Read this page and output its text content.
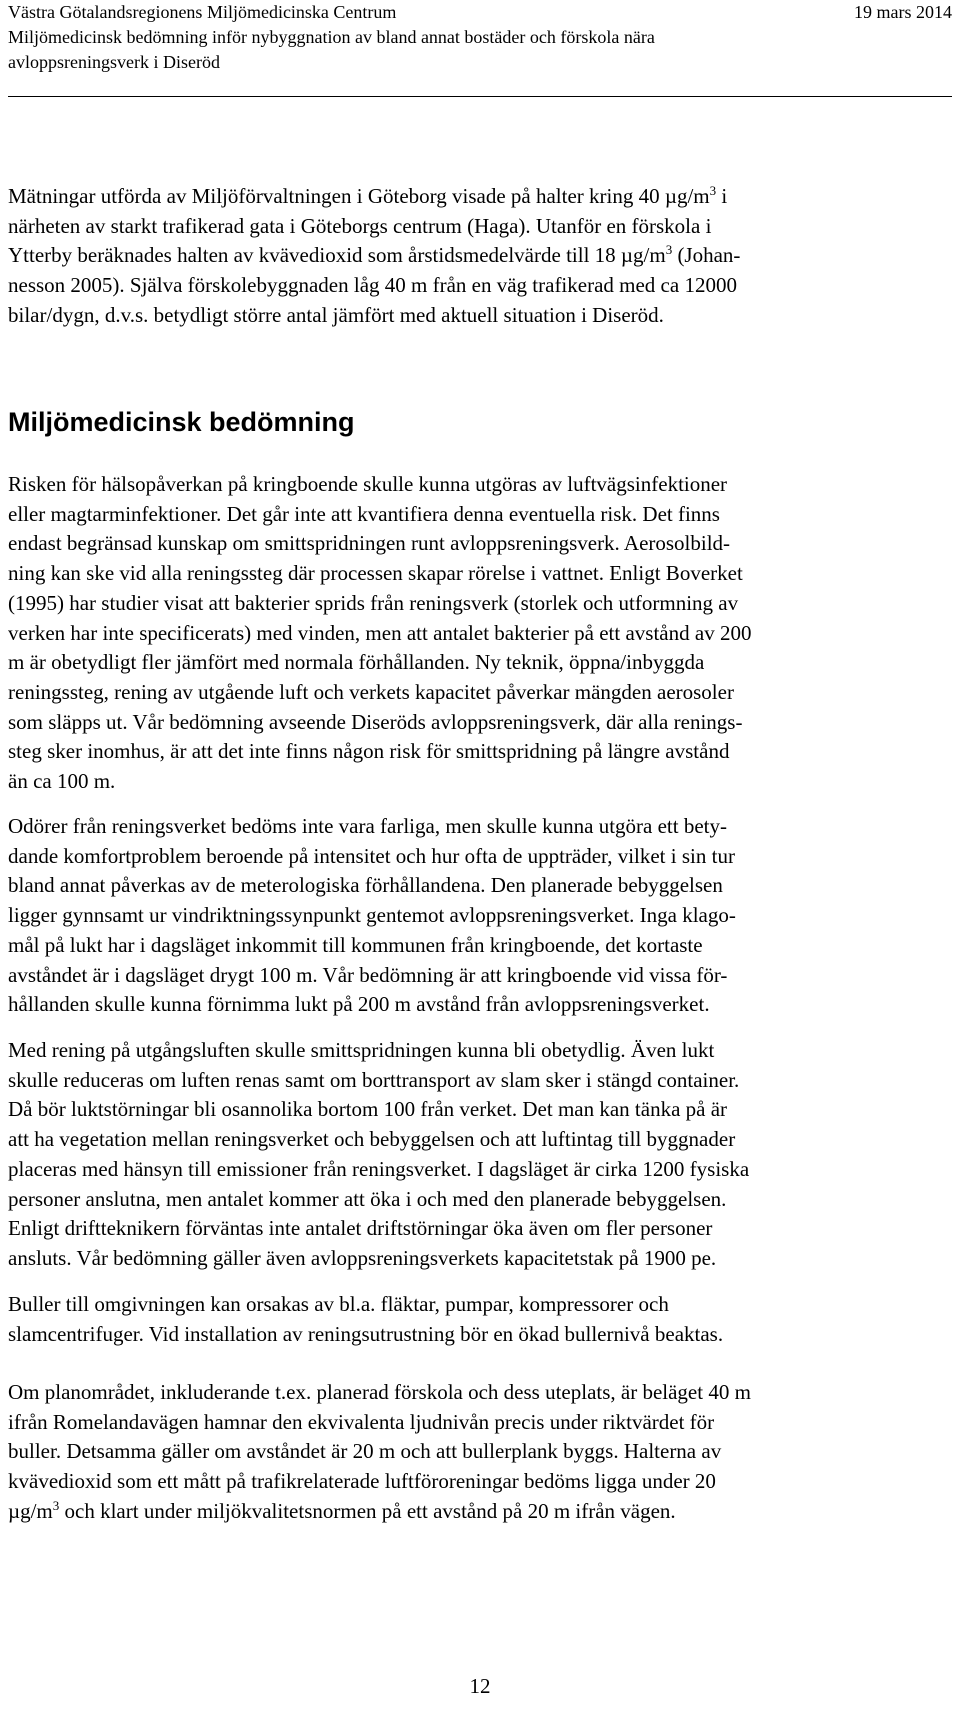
Västra Götalandsregionens Miljömedicinska Centrum	19 mars 2014
Miljömedicinsk bedömning inför nybyggnation av bland annat bostäder och förskola nära
avloppsreningsverk i Diseröd

Mätningar utförda av Miljöförvaltningen i Göteborg visade på halter kring 40 $\mu g/m^3$ i
närheten av starkt trafikerad gata i Göteborgs centrum (Haga). Utanför en förskola i
Ytterby beräknades halten av kvävedioxid som årstidsmedelvärde till 18 $\mu g/m^3$ (Johan-
nesson 2005). Själva förskolebyggnaden låg 40 m från en väg trafikerad med ca 12000
bilar/dygn, d.v.s. betydligt större antal jämfört med aktuell situation i Diseröd.

Miljömedicinsk bedömning

Risken för hälsopåverkan på kringboende skulle kunna utgöras av luftvägsinfektioner
eller magtarminfektioner. Det går inte att kvantifiera denna eventuella risk. Det finns
endast begränsad kunskap om smittspridningen runt avloppsreningsverk. Aerosolbild-
ning kan ske vid alla reningssteg där processen skapar rörelse i vattnet. Enligt Boverket
(1995) har studier visat att bakterier sprids från reningsverk (storlek och utformning av
verken har inte specificerats) med vinden, men att antalet bakterier på ett avstånd av 200
m är obetydligt fler jämfört med normala förhållanden. Ny teknik, öppna/inbyggda
reningssteg, rening av utgående luft och verkets kapacitet påverkar mängden aerosoler
som släpps ut. Vår bedömning avseende Diseröds avloppsreningsverk, där alla renings-
steg sker inomhus, är att det inte finns någon risk för smittspridning på längre avstånd
än ca 100 m.

Odörer från reningsverket bedöms inte vara farliga, men skulle kunna utgöra ett bety-
dande komfortproblem beroende på intensitet och hur ofta de uppträder, vilket i sin tur
bland annat påverkas av de meterologiska förhållandena. Den planerade bebyggelsen
ligger gynnsamt ur vindriktningssynpunkt gentemot avloppsreningsverket. Inga klago-
mål på lukt har i dagsläget inkommit till kommunen från kringboende, det kortaste
avståndet är i dagsläget drygt 100 m. Vår bedömning är att kringboende vid vissa för-
hållanden skulle kunna förnimma lukt på 200 m avstånd från avloppsreningsverket.

Med rening på utgångsluften skulle smittspridningen kunna bli obetydlig. Även lukt
skulle reduceras om luften renas samt om borttransport av slam sker i stängd container.
Då bör luktstörningar bli osannolika bortom 100 från verket. Det man kan tänka på är
att ha vegetation mellan reningsverket och bebyggelsen och att luftintag till byggnader
placeras med hänsyn till emissioner från reningsverket. I dagsläget är cirka 1200 fysiska
personer anslutna, men antalet kommer att öka i och med den planerade bebyggelsen.
Enligt driftteknikern förväntas inte antalet driftstörningar öka även om fler personer
ansluts. Vår bedömning gäller även avloppsreningsverkets kapacitetstak på 1900 pe.

Buller till omgivningen kan orsakas av bl.a. fläktar, pumpar, kompressorer och
slamcentrifuger. Vid installation av reningsutrustning bör en ökad bullernivå beaktas.

Om planområdet, inkluderande t.ex. planerad förskola och dess uteplats, är beläget 40 m
ifrån Romelandavägen hamnar den ekvivalenta ljudnivån precis under riktvärdet för
buller. Detsamma gäller om avståndet är 20 m och att bullerplank byggs. Halterna av
kvävedioxid som ett mått på trafikrelaterade luftföroreningar bedöms ligga under 20
$\mu g/m^3$ och klart under miljökvalitetsnormen på ett avstånd på 20 m ifrån vägen.

12
